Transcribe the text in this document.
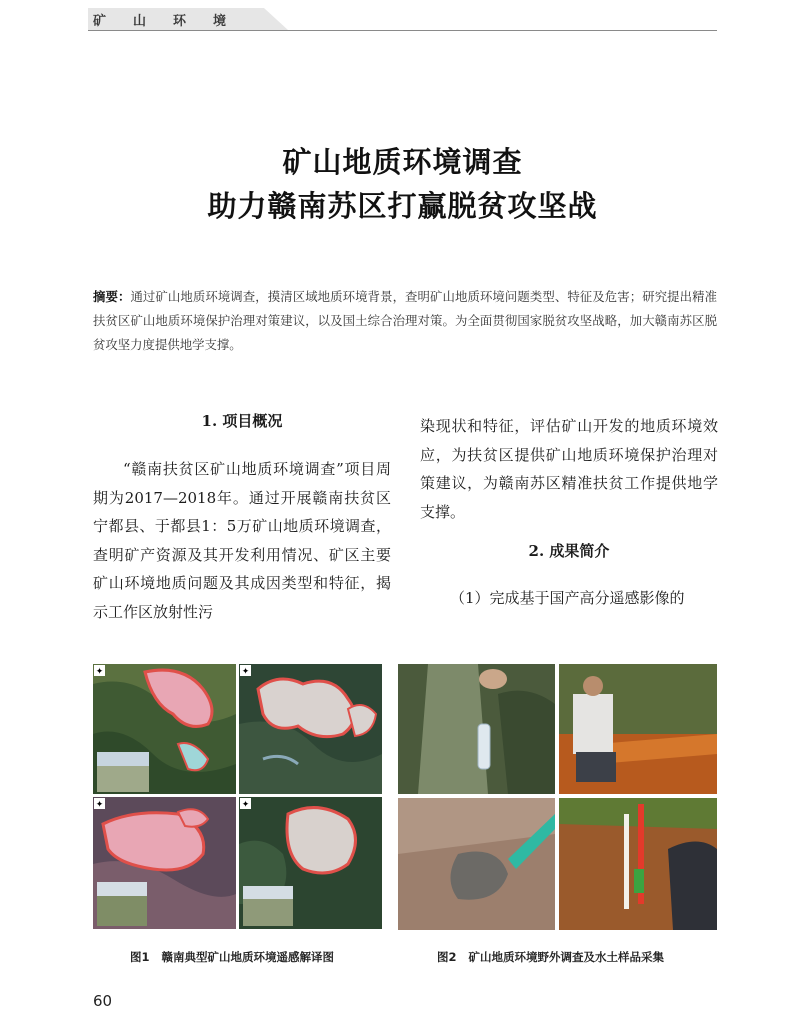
矿山环境
矿山地质环境调查
助力赣南苏区打赢脱贫攻坚战
摘要：通过矿山地质环境调查，摸清区域地质环境背景，查明矿山地质环境问题类型、特征及危害；研究提出精准扶贫区矿山地质环境保护治理对策建议，以及国土综合治理对策。为全面贯彻国家脱贫攻坚战略，加大赣南苏区脱贫攻坚力度提供地学支撑。
1. 项目概况

“赣南扶贫区矿山地质环境调查”项目周期为2017—2018年。通过开展赣南扶贫区宁都县、于都县1：5万矿山地质环境调查，查明矿产资源及其开发利用情况、矿区主要矿山环境地质问题及其成因类型和特征，揭示工作区放射性污

染现状和特征，评估矿山开发的地质环境效应，为扶贫区提供矿山地质环境保护治理对策建议，为赣南苏区精准扶贫工作提供地学支撑。

2. 成果简介

（1）完成基于国产高分遥感影像的

✦	✦
✦	✦
图1 赣南典型矿山地质环境遥感解译图	图2 矿山地质环境野外调查及水土样品采集
60
